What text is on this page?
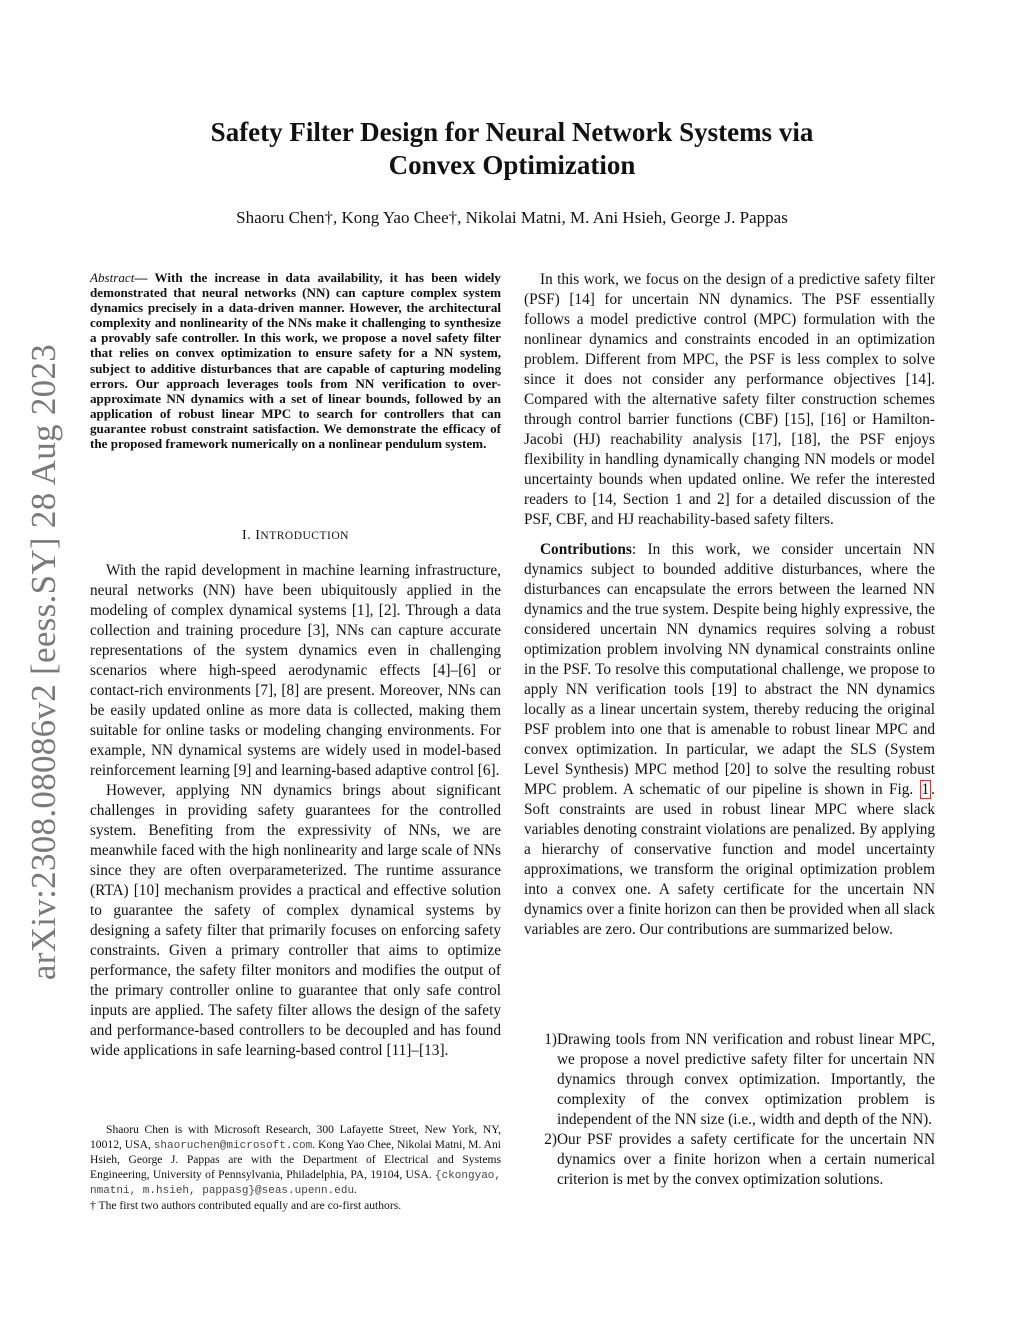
arXiv:2308.08086v2 [eess.SY] 28 Aug 2023
Safety Filter Design for Neural Network Systems via
Convex Optimization
Shaoru Chen†, Kong Yao Chee†, Nikolai Matni, M. Ani Hsieh, George J. Pappas
Abstract— With the increase in data availability, it has been widely demonstrated that neural networks (NN) can capture complex system dynamics precisely in a data-driven manner. However, the architectural complexity and nonlinearity of the NNs make it challenging to synthesize a provably safe controller. In this work, we propose a novel safety filter that relies on convex optimization to ensure safety for a NN system, subject to additive disturbances that are capable of capturing modeling errors. Our approach leverages tools from NN verification to over-approximate NN dynamics with a set of linear bounds, followed by an application of robust linear MPC to search for controllers that can guarantee robust constraint satisfaction. We demonstrate the efficacy of the proposed framework numerically on a nonlinear pendulum system.
I. INTRODUCTION

With the rapid development in machine learning infrastructure, neural networks (NN) have been ubiquitously applied in the modeling of complex dynamical systems [1], [2]. Through a data collection and training procedure [3], NNs can capture accurate representations of the system dynamics even in challenging scenarios where high-speed aerodynamic effects [4]–[6] or contact-rich environments [7], [8] are present. Moreover, NNs can be easily updated online as more data is collected, making them suitable for online tasks or modeling changing environments. For example, NN dynamical systems are widely used in model-based reinforcement learning [9] and learning-based adaptive control [6].

However, applying NN dynamics brings about significant challenges in providing safety guarantees for the controlled system. Benefiting from the expressivity of NNs, we are meanwhile faced with the high nonlinearity and large scale of NNs since they are often overparameterized. The runtime assurance (RTA) [10] mechanism provides a practical and effective solution to guarantee the safety of complex dynamical systems by designing a safety filter that primarily focuses on enforcing safety constraints. Given a primary controller that aims to optimize performance, the safety filter monitors and modifies the output of the primary controller online to guarantee that only safe control inputs are applied. The safety filter allows the design of the safety and performance-based controllers to be decoupled and has found wide applications in safe learning-based control [11]–[13].

In this work, we focus on the design of a predictive safety filter (PSF) [14] for uncertain NN dynamics. The PSF essentially follows a model predictive control (MPC) formulation with the nonlinear dynamics and constraints encoded in an optimization problem. Different from MPC, the PSF is less complex to solve since it does not consider any performance objectives [14]. Compared with the alternative safety filter construction schemes through control barrier functions (CBF) [15], [16] or Hamilton-Jacobi (HJ) reachability analysis [17], [18], the PSF enjoys flexibility in handling dynamically changing NN models or model uncertainty bounds when updated online. We refer the interested readers to [14, Section 1 and 2] for a detailed discussion of the PSF, CBF, and HJ reachability-based safety filters.

Contributions: In this work, we consider uncertain NN dynamics subject to bounded additive disturbances, where the disturbances can encapsulate the errors between the learned NN dynamics and the true system. Despite being highly expressive, the considered uncertain NN dynamics requires solving a robust optimization problem involving NN dynamical constraints online in the PSF. To resolve this computational challenge, we propose to apply NN verification tools [19] to abstract the NN dynamics locally as a linear uncertain system, thereby reducing the original PSF problem into one that is amenable to robust linear MPC and convex optimization. In particular, we adapt the SLS (System Level Synthesis) MPC method [20] to solve the resulting robust MPC problem. A schematic of our pipeline is shown in Fig. 1 . Soft constraints are used in robust linear MPC where slack variables denoting constraint violations are penalized. By applying a hierarchy of conservative function and model uncertainty approximations, we transform the original optimization problem into a convex one. A safety certificate for the uncertain NN dynamics over a finite horizon can then be provided when all slack variables are zero. Our contributions are summarized below.

1) Drawing tools from NN verification and robust linear MPC, we propose a novel predictive safety filter for uncertain NN dynamics through convex optimization. Importantly, the complexity of the convex optimization problem is independent of the NN size (i.e., width and depth of the NN).
2) Our PSF provides a safety certificate for the uncertain NN dynamics over a finite horizon when a certain numerical criterion is met by the convex optimization solutions.

Shaoru Chen is with Microsoft Research, 300 Lafayette Street, New York, NY, 10012, USA, shaoruchen@microsoft.com. Kong Yao Chee, Nikolai Matni, M. Ani Hsieh, George J. Pappas are with the Department of Electrical and Systems Engineering, University of Pennsylvania, Philadelphia, PA, 19104, USA. {ckongyao, nmatni, m.hsieh, pappasg}@seas.upenn.edu.

† The first two authors contributed equally and are co-first authors.
